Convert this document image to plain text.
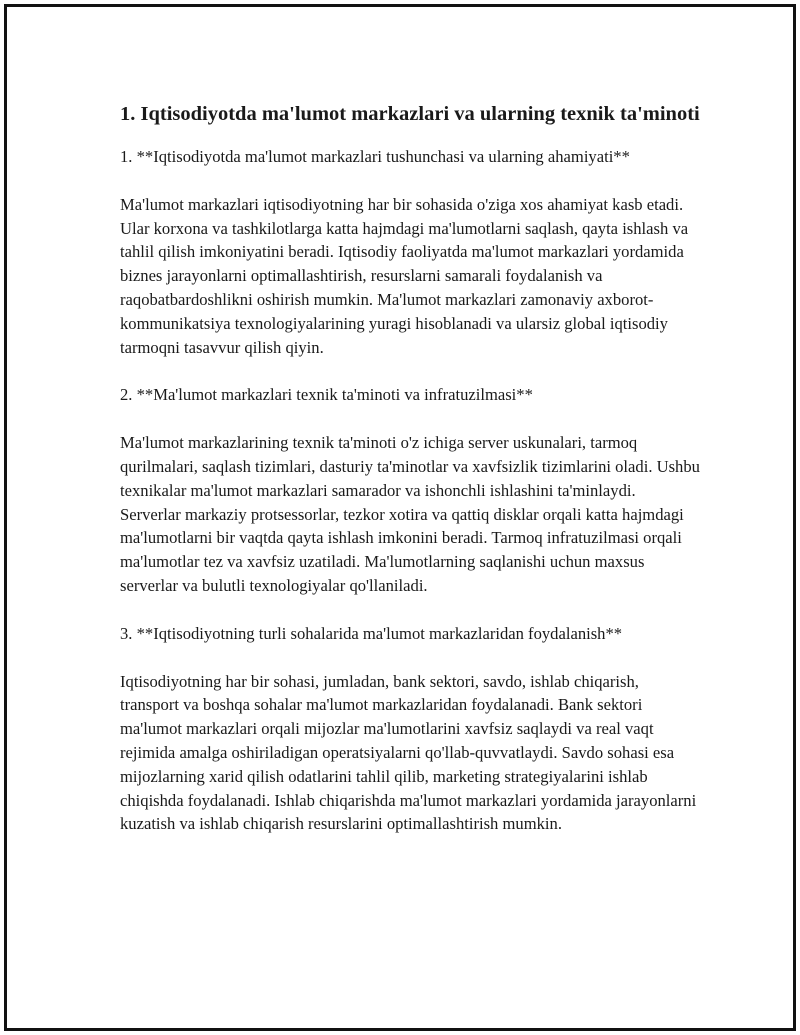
1. Iqtisodiyotda ma'lumot markazlari va ularning texnik ta'minoti
1. **Iqtisodiyotda ma'lumot markazlari tushunchasi va ularning ahamiyati**
Ma'lumot markazlari iqtisodiyotning har bir sohasida o'ziga xos ahamiyat kasb etadi. Ular korxona va tashkilotlarga katta hajmdagi ma'lumotlarni saqlash, qayta ishlash va tahlil qilish imkoniyatini beradi. Iqtisodiy faoliyatda ma'lumot markazlari yordamida biznes jarayonlarni optimallashtirish, resurslarni samarali foydalanish va raqobatbardoshlikni oshirish mumkin. Ma'lumot markazlari zamonaviy axborot-kommunikatsiya texnologiyalarining yuragi hisoblanadi va ularsiz global iqtisodiy tarmoqni tasavvur qilish qiyin.
2. **Ma'lumot markazlari texnik ta'minoti va infratuzilmasi**
Ma'lumot markazlarining texnik ta'minoti o'z ichiga server uskunalari, tarmoq qurilmalari, saqlash tizimlari, dasturiy ta'minotlar va xavfsizlik tizimlarini oladi. Ushbu texnikalar ma'lumot markazlari samarador va ishonchli ishlashini ta'minlaydi. Serverlar markaziy protsessorlar, tezkor xotira va qattiq disklar orqali katta hajmdagi ma'lumotlarni bir vaqtda qayta ishlash imkonini beradi. Tarmoq infratuzilmasi orqali ma'lumotlar tez va xavfsiz uzatiladi. Ma'lumotlarning saqlanishi uchun maxsus serverlar va bulutli texnologiyalar qo'llaniladi.
3. **Iqtisodiyotning turli sohalarida ma'lumot markazlaridan foydalanish**
Iqtisodiyotning har bir sohasi, jumladan, bank sektori, savdo, ishlab chiqarish, transport va boshqa sohalar ma'lumot markazlaridan foydalanadi. Bank sektori ma'lumot markazlari orqali mijozlar ma'lumotlarini xavfsiz saqlaydi va real vaqt rejimida amalga oshiriladigan operatsiyalarni qo'llab-quvvatlaydi. Savdo sohasi esa mijozlarning xarid qilish odatlarini tahlil qilib, marketing strategiyalarini ishlab chiqishda foydalanadi. Ishlab chiqarishda ma'lumot markazlari yordamida jarayonlarni kuzatish va ishlab chiqarish resurslarini optimallashtirish mumkin.
